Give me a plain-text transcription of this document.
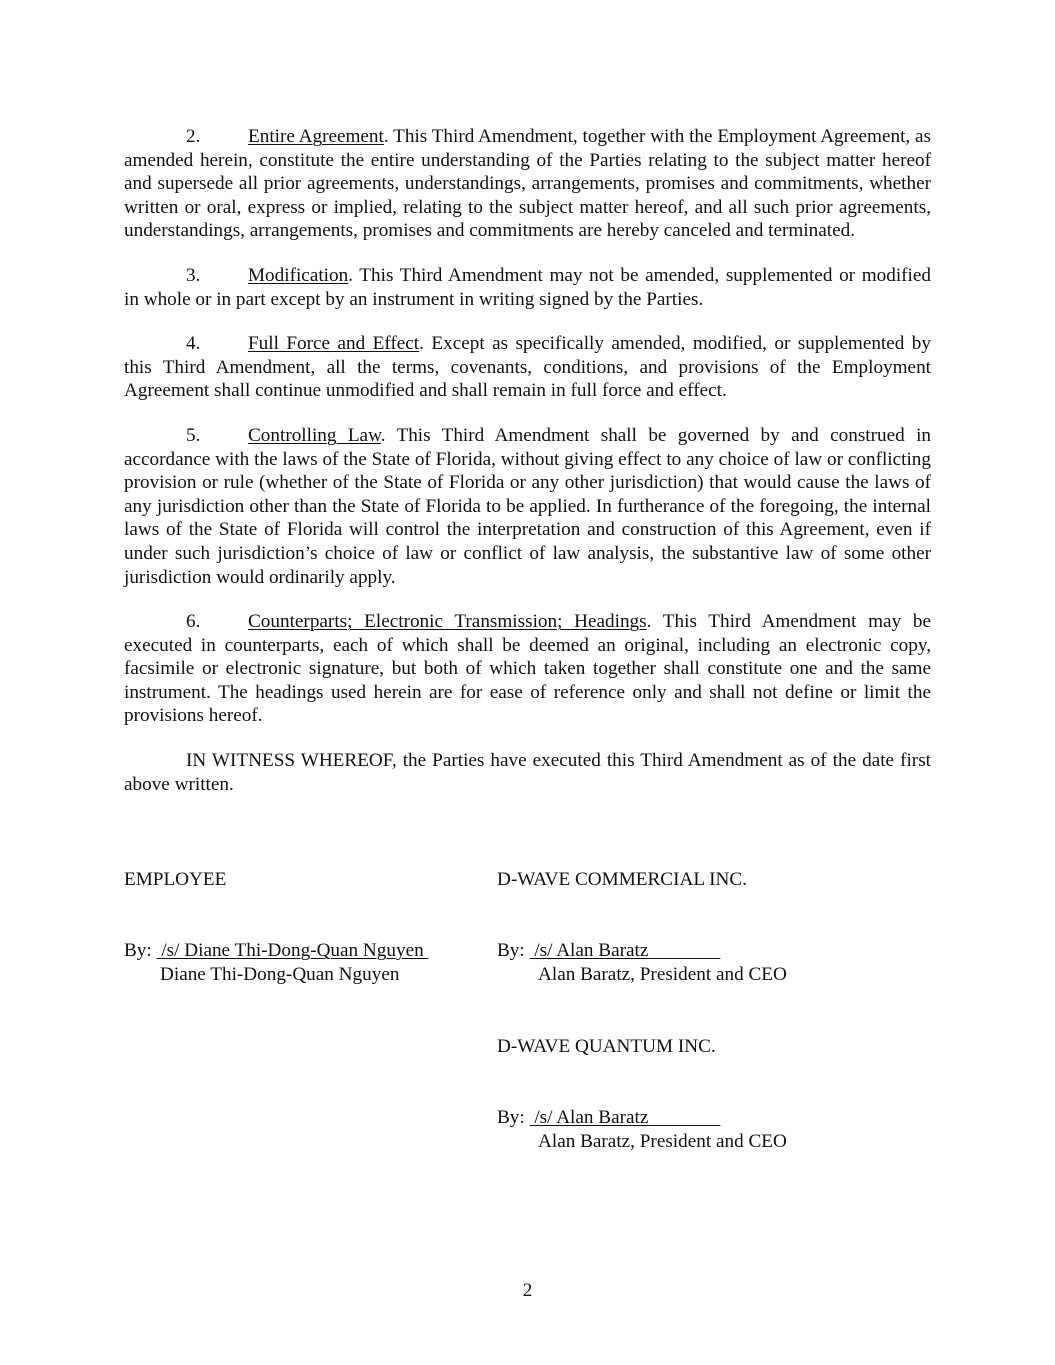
2. Entire Agreement. This Third Amendment, together with the Employment Agreement, as amended herein, constitute the entire understanding of the Parties relating to the subject matter hereof and supersede all prior agreements, understandings, arrangements, promises and commitments, whether written or oral, express or implied, relating to the subject matter hereof, and all such prior agreements, understandings, arrangements, promises and commitments are hereby canceled and terminated.

3. Modification. This Third Amendment may not be amended, supplemented or modified in whole or in part except by an instrument in writing signed by the Parties.

4. Full Force and Effect. Except as specifically amended, modified, or supplemented by this Third Amendment, all the terms, covenants, conditions, and provisions of the Employment Agreement shall continue unmodified and shall remain in full force and effect.

5. Controlling Law. This Third Amendment shall be governed by and construed in accordance with the laws of the State of Florida, without giving effect to any choice of law or conflicting provision or rule (whether of the State of Florida or any other jurisdiction) that would cause the laws of any jurisdiction other than the State of Florida to be applied. In furtherance of the foregoing, the internal laws of the State of Florida will control the interpretation and construction of this Agreement, even if under such jurisdiction’s choice of law or conflict of law analysis, the substantive law of some other jurisdiction would ordinarily apply.

6. Counterparts; Electronic Transmission; Headings. This Third Amendment may be executed in counterparts, each of which shall be deemed an original, including an electronic copy, facsimile or electronic signature, but both of which taken together shall constitute one and the same instrument. The headings used herein are for ease of reference only and shall not define or limit the provisions hereof.

IN WITNESS WHEREOF, the Parties have executed this Third Amendment as of the date first above written.

EMPLOYEE
By:  /s/ Diane Thi-Dong-Quan Nguyen
Diane Thi-Dong-Quan Nguyen
D-WAVE COMMERCIAL INC.
By:  /s/ Alan Baratz
Alan Baratz, President and CEO
D-WAVE QUANTUM INC.
By:  /s/ Alan Baratz
Alan Baratz, President and CEO
2
